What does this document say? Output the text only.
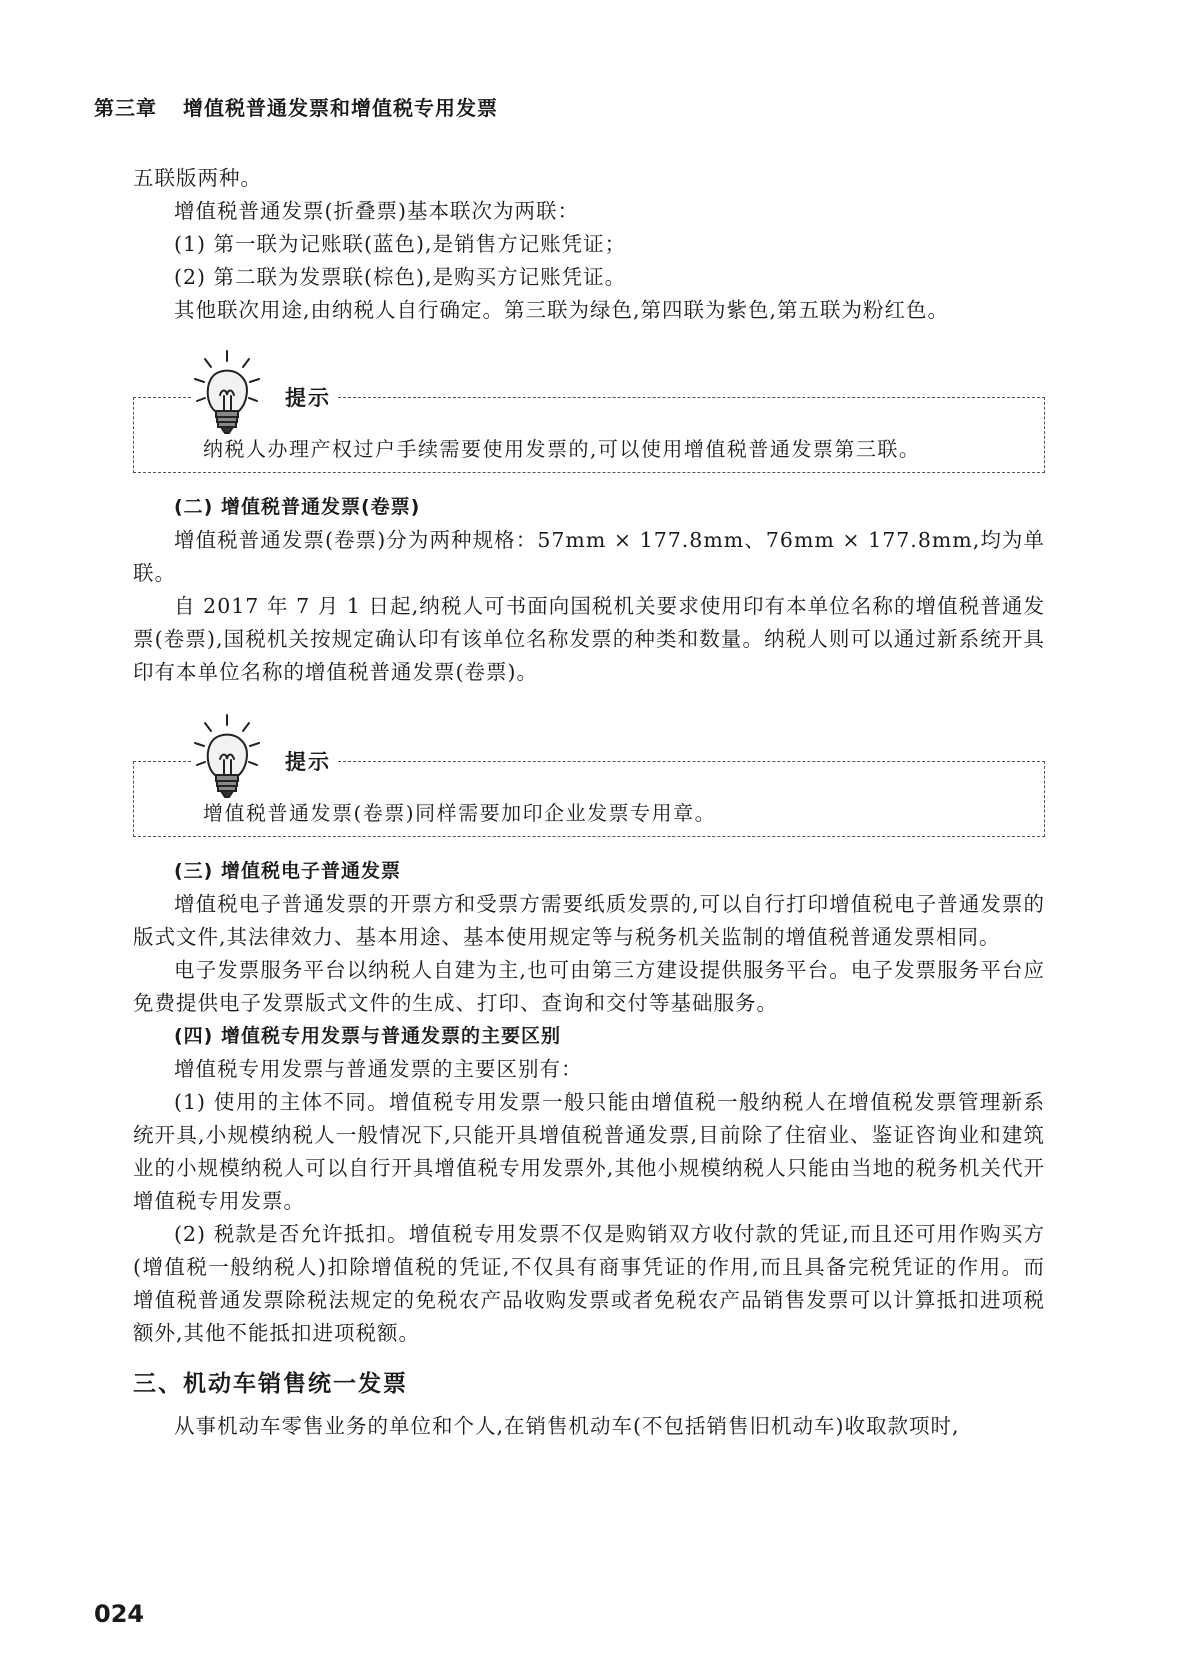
第三章 增值税普通发票和增值税专用发票

五联版两种。

增值税普通发票(折叠票)基本联次为两联：

(1) 第一联为记账联(蓝色),是销售方记账凭证；

(2) 第二联为发票联(棕色),是购买方记账凭证。

其他联次用途,由纳税人自行确定。第三联为绿色,第四联为紫色,第五联为粉红色。

提示
纳税人办理产权过户手续需要使用发票的,可以使用增值税普通发票第三联。
(二) 增值税普通发票(卷票)

增值税普通发票(卷票)分为两种规格：57mm × 177.8mm、76mm × 177.8mm,均为单联。

自 2017 年 7 月 1 日起,纳税人可书面向国税机关要求使用印有本单位名称的增值税普通发票(卷票),国税机关按规定确认印有该单位名称发票的种类和数量。纳税人则可以通过新系统开具印有本单位名称的增值税普通发票(卷票)。

提示
增值税普通发票(卷票)同样需要加印企业发票专用章。
(三) 增值税电子普通发票

增值税电子普通发票的开票方和受票方需要纸质发票的,可以自行打印增值税电子普通发票的版式文件,其法律效力、基本用途、基本使用规定等与税务机关监制的增值税普通发票相同。

电子发票服务平台以纳税人自建为主,也可由第三方建设提供服务平台。电子发票服务平台应免费提供电子发票版式文件的生成、打印、查询和交付等基础服务。

(四) 增值税专用发票与普通发票的主要区别

增值税专用发票与普通发票的主要区别有：

(1) 使用的主体不同。增值税专用发票一般只能由增值税一般纳税人在增值税发票管理新系统开具,小规模纳税人一般情况下,只能开具增值税普通发票,目前除了住宿业、鉴证咨询业和建筑业的小规模纳税人可以自行开具增值税专用发票外,其他小规模纳税人只能由当地的税务机关代开增值税专用发票。

(2) 税款是否允许抵扣。增值税专用发票不仅是购销双方收付款的凭证,而且还可用作购买方(增值税一般纳税人)扣除增值税的凭证,不仅具有商事凭证的作用,而且具备完税凭证的作用。而增值税普通发票除税法规定的免税农产品收购发票或者免税农产品销售发票可以计算抵扣进项税额外,其他不能抵扣进项税额。

三、机动车销售统一发票

从事机动车零售业务的单位和个人,在销售机动车(不包括销售旧机动车)收取款项时,

024
